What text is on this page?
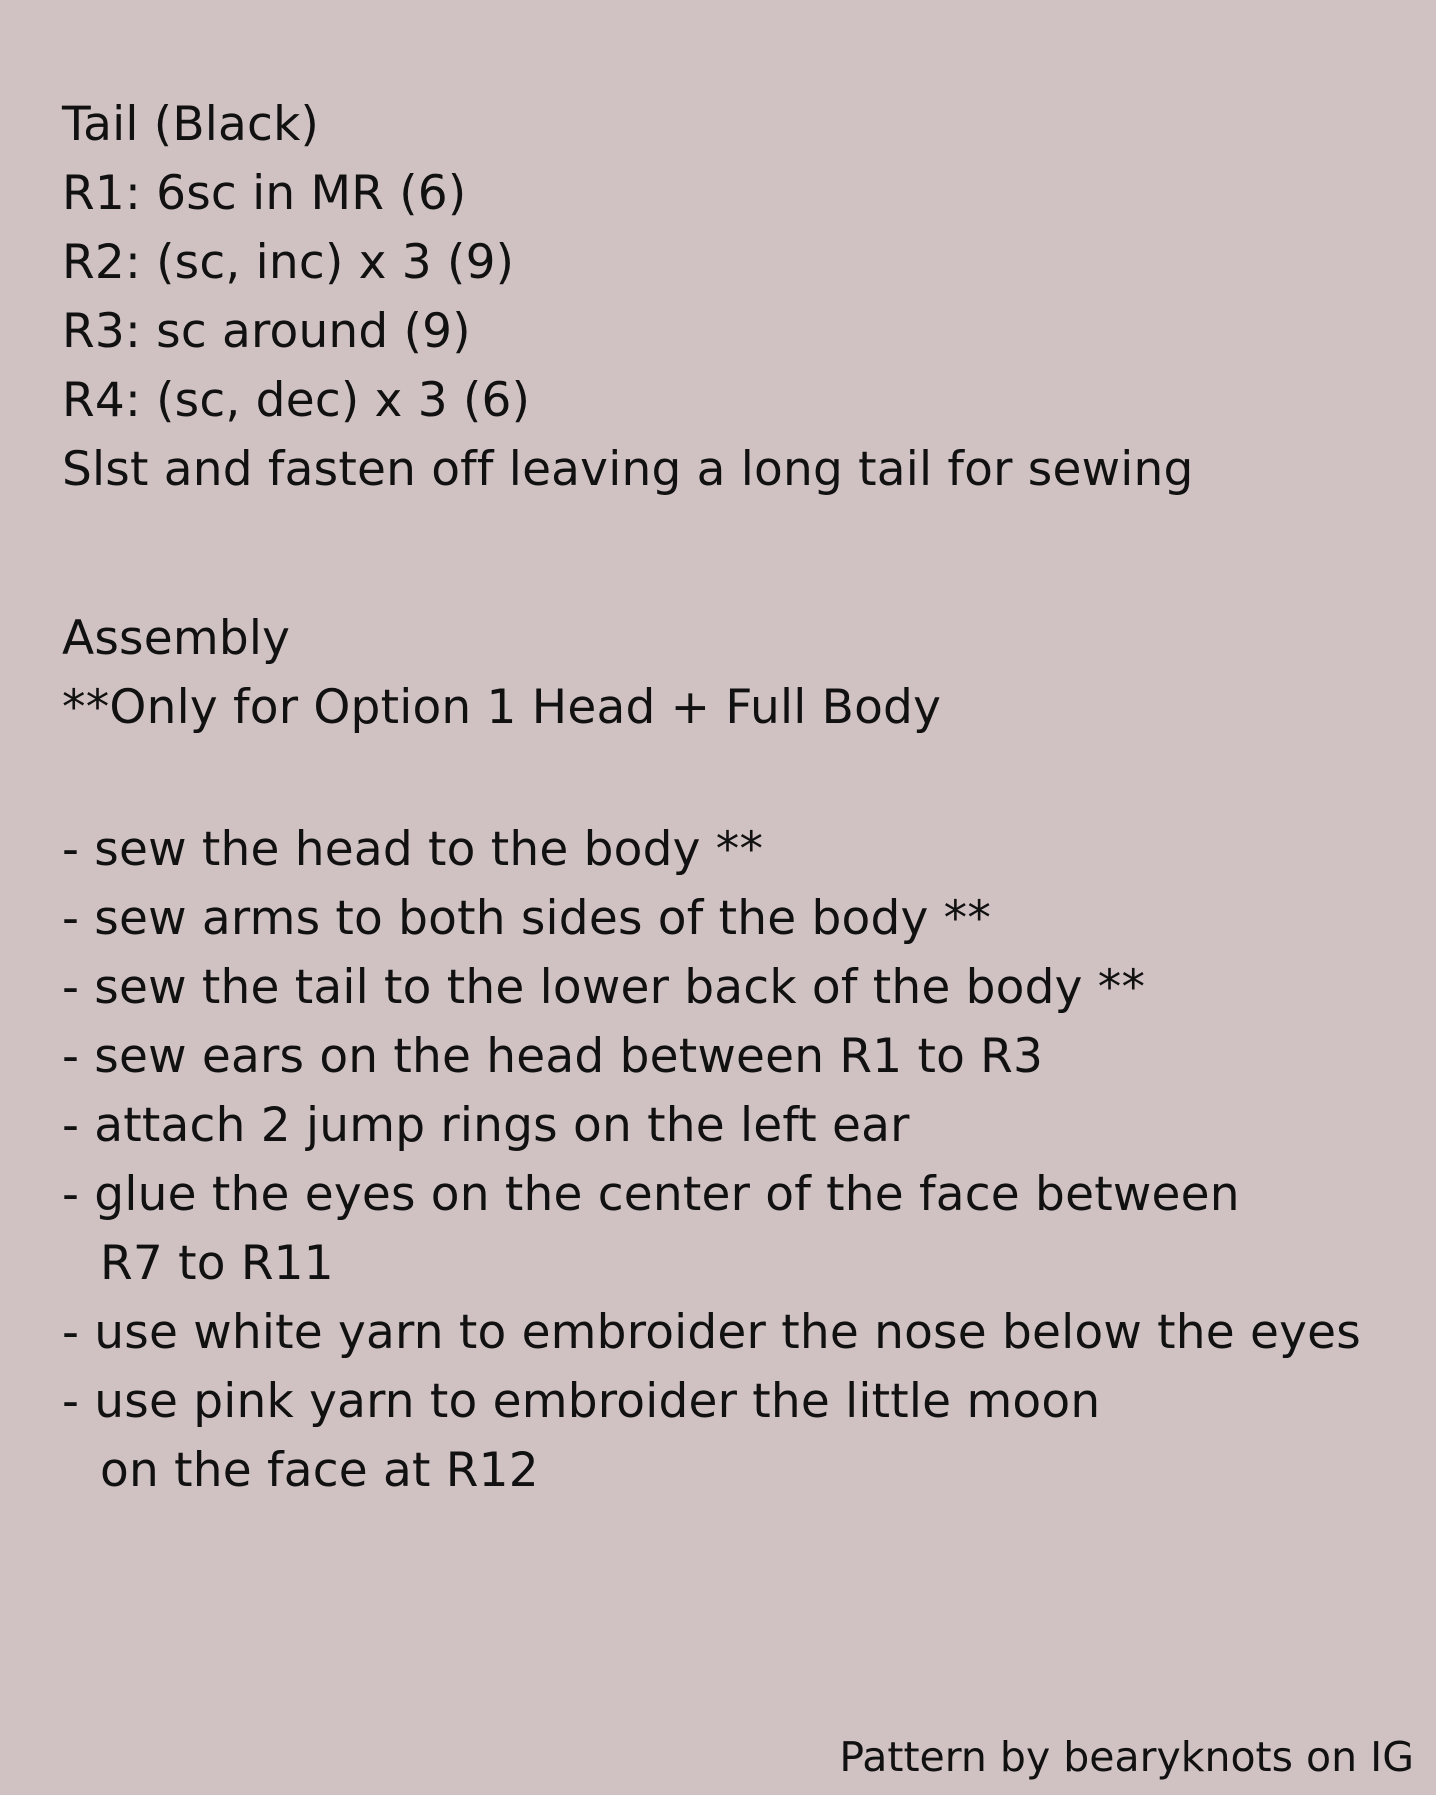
Tail (Black)
R1: 6sc in MR (6)
R2: (sc, inc) x 3 (9)
R3: sc around (9)
R4: (sc, dec) x 3 (6)
Slst and fasten off leaving a long tail for sewing
Assembly
**Only for Option 1 Head + Full Body
- sew the head to the body **
- sew arms to both sides of the body **
- sew the tail to the lower back of the body **
- sew ears on the head between R1 to R3
- attach 2 jump rings on the left ear
- glue the eyes on the center of the face between
R7 to R11
- use white yarn to embroider the nose below the eyes
- use pink yarn to embroider the little moon
on the face at R12
Pattern by bearyknots on IG
